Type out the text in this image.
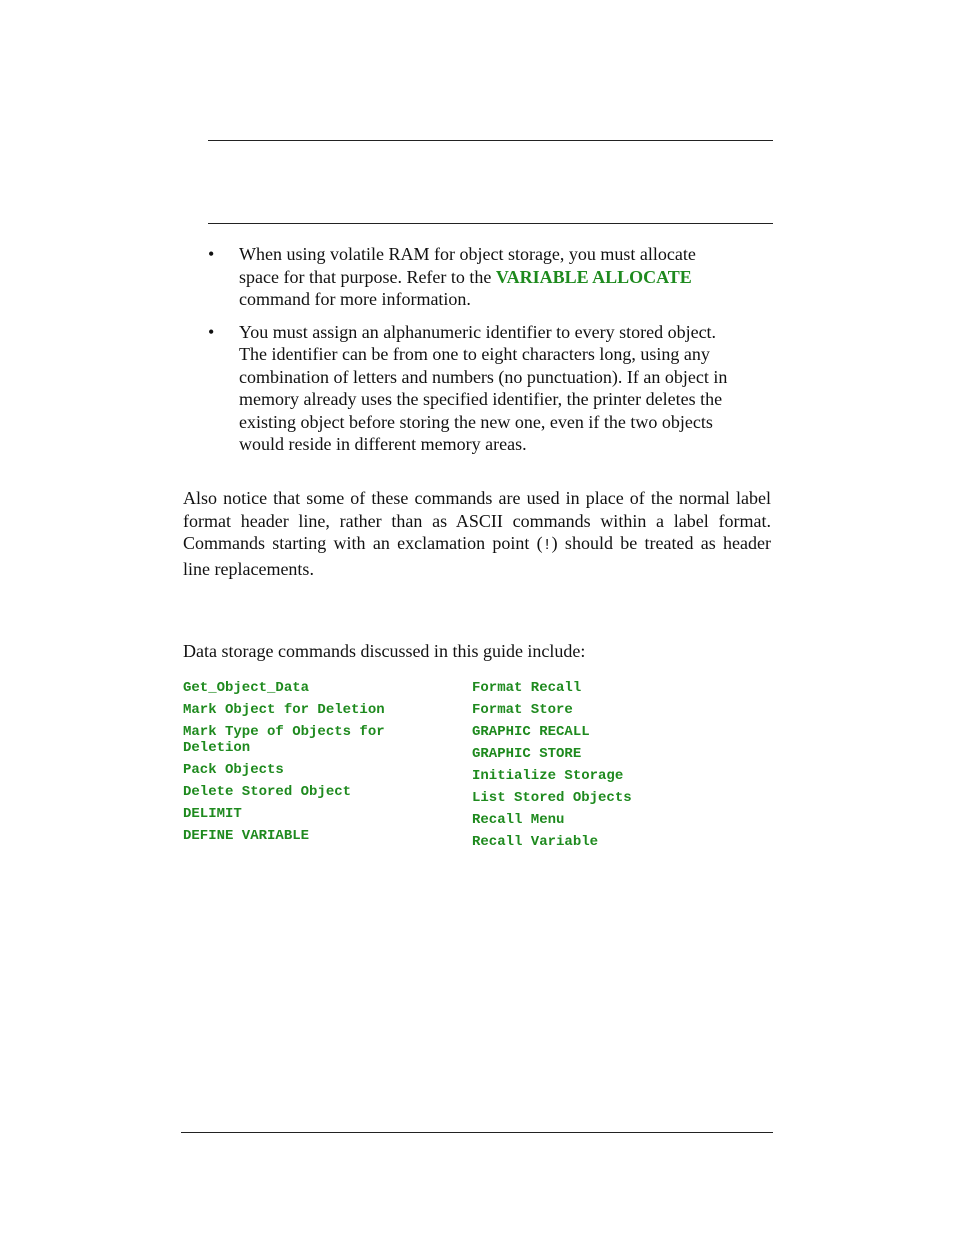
• When using volatile RAM for object storage, you must allocate space for that purpose. Refer to the VARIABLE ALLOCATE command for more information.
• You must assign an alphanumeric identifier to every stored object. The identifier can be from one to eight characters long, using any combination of letters and numbers (no punctuation). If an object in memory already uses the specified identifier, the printer deletes the existing object before storing the new one, even if the two objects would reside in different memory areas.

Also notice that some of these commands are used in place of the normal label format header line, rather than as ASCII commands within a label format. Commands starting with an exclamation point (!) should be treated as header line replacements.

Data storage commands discussed in this guide include:

Get_Object_Data
Mark Object for Deletion
Mark Type of Objects for Deletion
Pack Objects
Delete Stored Object
DELIMIT
DEFINE VARIABLE
Format Recall
Format Store
GRAPHIC RECALL
GRAPHIC STORE
Initialize Storage
List Stored Objects
Recall Menu
Recall Variable
